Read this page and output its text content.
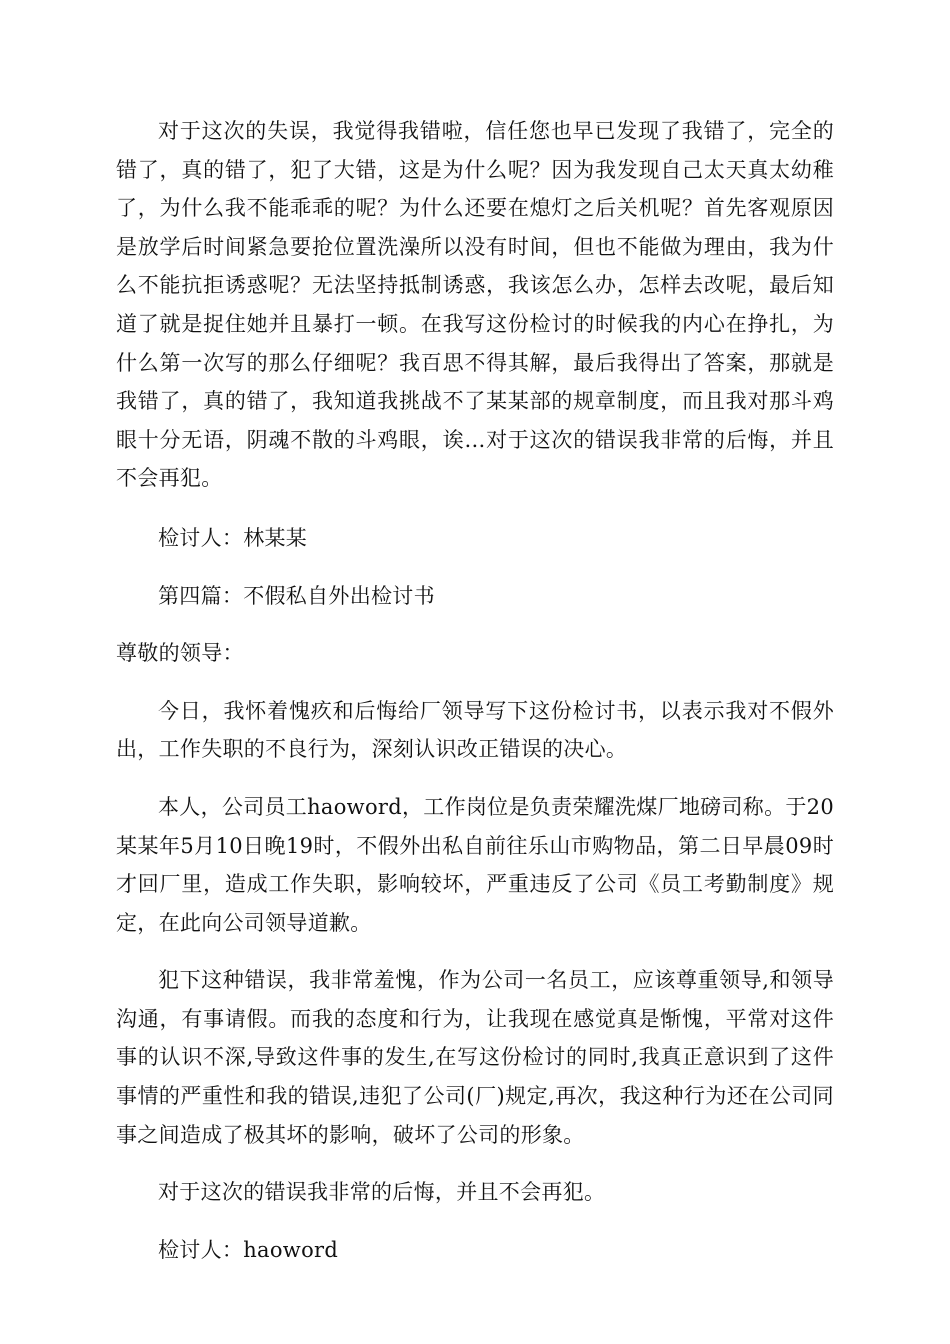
对于这次的失误，我觉得我错啦，信任您也早已发现了我错了，完全的错了，真的错了，犯了大错，这是为什么呢？因为我发现自己太天真太幼稚了，为什么我不能乖乖的呢？为什么还要在熄灯之后关机呢？首先客观原因是放学后时间紧急要抢位置洗澡所以没有时间，但也不能做为理由，我为什么不能抗拒诱惑呢？无法坚持抵制诱惑，我该怎么办，怎样去改呢，最后知道了就是捉住她并且暴打一顿。在我写这份检讨的时候我的内心在挣扎，为什么第一次写的那么仔细呢？我百思不得其解，最后我得出了答案，那就是我错了，真的错了，我知道我挑战不了某某部的规章制度，而且我对那斗鸡眼十分无语，阴魂不散的斗鸡眼，诶…对于这次的错误我非常的后悔，并且不会再犯。

检讨人：林某某

第四篇：不假私自外出检讨书

尊敬的领导：

今日，我怀着愧疚和后悔给厂领导写下这份检讨书，以表示我对不假外出，工作失职的不良行为，深刻认识改正错误的决心。

本人，公司员工haoword，工作岗位是负责荣耀洗煤厂地磅司称。于20某某年5月10日晚19时，不假外出私自前往乐山市购物品，第二日早晨09时才回厂里，造成工作失职，影响较坏，严重违反了公司《员工考勤制度》规定，在此向公司领导道歉。

犯下这种错误，我非常羞愧，作为公司一名员工，应该尊重领导,和领导沟通，有事请假。而我的态度和行为，让我现在感觉真是惭愧，平常对这件事的认识不深,导致这件事的发生,在写这份检讨的同时,我真正意识到了这件事情的严重性和我的错误,违犯了公司(厂)规定,再次，我这种行为还在公司同事之间造成了极其坏的影响，破坏了公司的形象。

对于这次的错误我非常的后悔，并且不会再犯。

检讨人：haoword
